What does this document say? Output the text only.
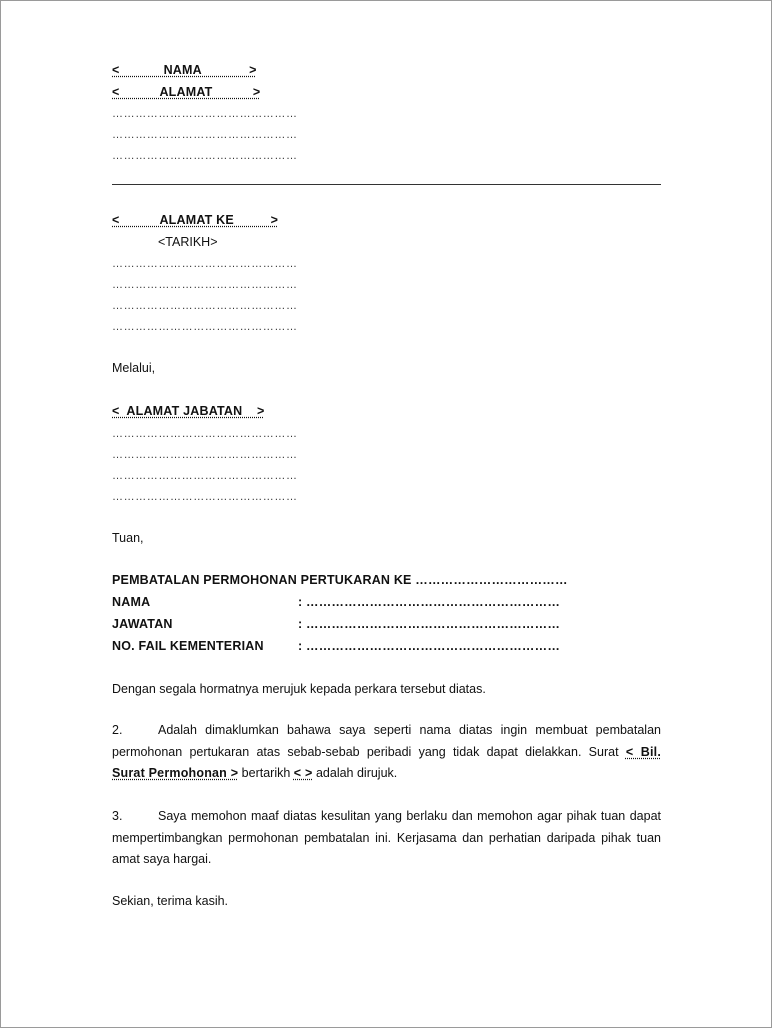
<            NAMA             >
<           ALAMAT           >
…………………………………………
…………………………………………
…………………………………………
<           ALAMAT KE          >
<TARIKH>
…………………………………………
…………………………………………
…………………………………………
…………………………………………
Melalui,
<  ALAMAT JABATAN    >
…………………………………………
…………………………………………
…………………………………………
…………………………………………
Tuan,
PEMBATALAN PERMOHONAN PERTUKARAN KE ………………………………
NAMA	: ……………………………………………………
JAWATAN	: ……………………………………………………
NO. FAIL KEMENTERIAN	: ……………………………………………………
Dengan segala hormatnya merujuk kepada perkara tersebut diatas.
2.	Adalah dimaklumkan bahawa saya seperti nama diatas ingin membuat pembatalan permohonan pertukaran atas sebab-sebab peribadi yang tidak dapat dielakkan. Surat < Bil. Surat Permohonan > bertarikh < > adalah dirujuk.
3.	Saya memohon maaf diatas kesulitan yang berlaku dan memohon agar pihak tuan dapat mempertimbangkan permohonan pembatalan ini. Kerjasama dan perhatian daripada pihak tuan amat saya hargai.
Sekian, terima kasih.
